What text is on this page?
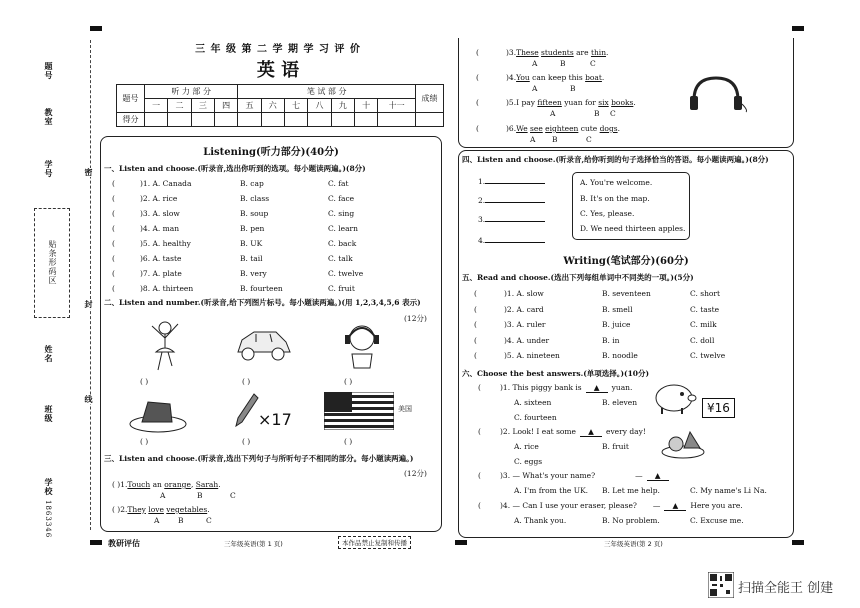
题号
教室
学号
贴条形码区
姓名
班级
学校
1863346
密
封
线
三 年 级 第 二 学 期 学 习 评 价
英 语
题号	听 力 部 分				笔 试 部 分							成绩
	一	二	三	四	五	六	七	八	九	十	十一	
得分												
Listening(听力部分)(40分)
一、Listen and choose.(听录音,选出你听到的选项。每小题读两遍。)(8分)
(	)1. A. Canada	B. cap	C. fat
(	)2. A. rice	B. class	C. face
(	)3. A. slow	B. soup	C. sing
(	)4. A. man	B. pen	C. learn
(	)5. A. healthy	B. UK	C. back
(	)6. A. taste	B. tail	C. talk
(	)7. A. plate	B. very	C. twelve
(	)8. A. thirteen	B. fourteen	C. fruit
二、Listen and number.(听录音,给下列图片标号。每小题读两遍。)(用 1,2,3,4,5,6 表示)
(12分)
( )	( )	( )
×17
美国
( )	( )	( )
三、Listen and choose.(听录音,选出下列句子与所听句子不相同的部分。每小题读两遍。)
(12分)
( ) 1. Touch an orange , Sarah .
A	B	C
( ) 2. They
love
vegetables .
A B	C
教研评估	三年级英语(第 1 页)	本作品禁止复制和传播
(	)3. These
students are thin .
A	B	C
(	)4. You can keep this boat .
A	B
(	)5. I pay fifteen yuan for six
books .
A	B C
(	)6. We
see
eighteen cute dogs .
A B	C
四、Listen and choose.(听录音,给你听到的句子选择恰当的答语。每小题读两遍。)(8分)
1.
2.
3.
4.
A. You're welcome.
B. It's on the map.
C. Yes, please.
D. We need thirteen apples.
Writing(笔试部分)(60分)
五、Read and choose.(选出下列每组单词中不同类的一项。)(5分)
(	)1. A. slow	B. seventeen	C. short
(	)2. A. card	B. smell	C. taste
(	)3. A. ruler	B. juice	C. milk
(	)4. A. under	B. in	C. doll
(	)5. A. nineteen	B. noodle	C. twelve
六、Choose the best answers.(单项选择。)(10分)
(        )1. This piggy bank is	▲	yuan.
A. sixteen	B. eleven
C. fourteen
¥16
(        )2. Look! I eat some	▲	every day!
A. rice	B. fruit
C. eggs
(        )3. — What's your name?	—	▲
A. I'm from the UK. B. Let me help.	C. My name's Li Na.
(        )4. — Can I use your eraser, please? —	▲	Here you are.
A. Thank you.	B. No problem.	C. Excuse me.
三年级英语(第 2 页)
扫描全能王 创建
